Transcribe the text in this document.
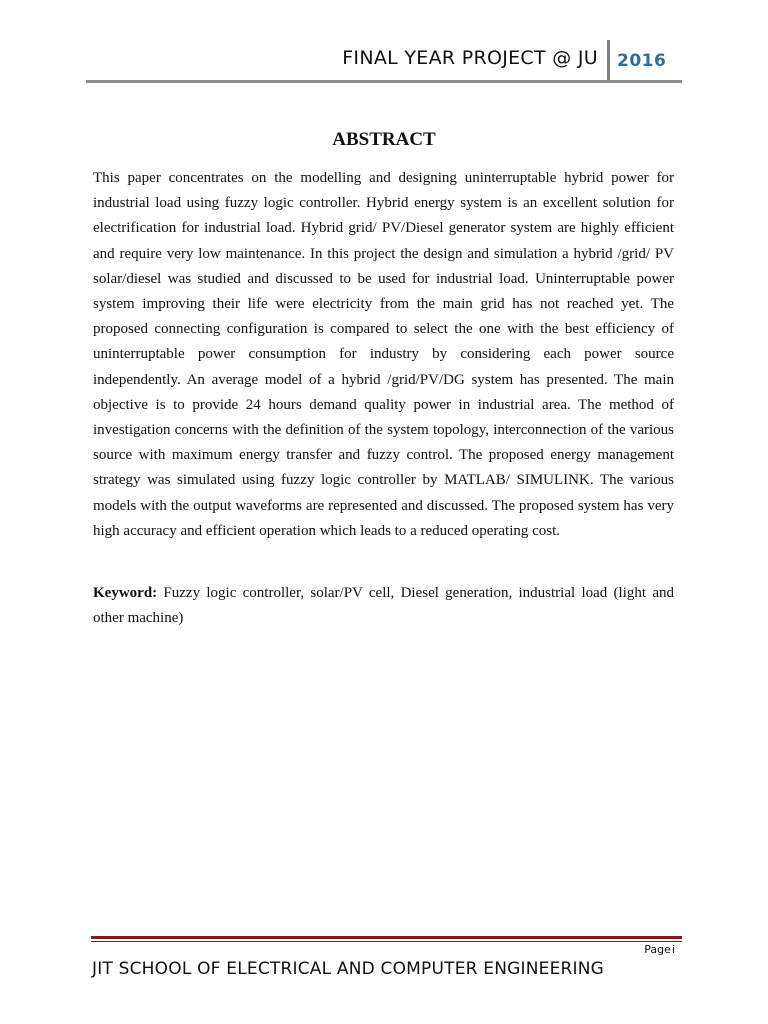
FINAL YEAR PROJECT @ JU 2016
ABSTRACT

This paper concentrates on the modelling and designing uninterruptable hybrid power for industrial load using fuzzy logic controller. Hybrid energy system is an excellent solution for electrification for industrial load. Hybrid grid/ PV/Diesel generator system are highly efficient and require very low maintenance. In this project the design and simulation a hybrid /grid/ PV solar/diesel was studied and discussed to be used for industrial load. Uninterruptable power system improving their life were electricity from the main grid has not reached yet. The proposed connecting configuration is compared to select the one with the best efficiency of uninterruptable power consumption for industry by considering each power source independently. An average model of a hybrid /grid/PV/DG system has presented. The main objective is to provide 24 hours demand quality power in industrial area. The method of investigation concerns with the definition of the system topology, interconnection of the various source with maximum energy transfer and fuzzy control. The proposed energy management strategy was simulated using fuzzy logic controller by MATLAB/ SIMULINK. The various models with the output waveforms are represented and discussed. The proposed system has very high accuracy and efficient operation which leads to a reduced operating cost.

Keyword: Fuzzy logic controller, solar/PV cell, Diesel generation, industrial load (light and other machine)

Pagei
JIT SCHOOL OF ELECTRICAL AND COMPUTER ENGINEERING
